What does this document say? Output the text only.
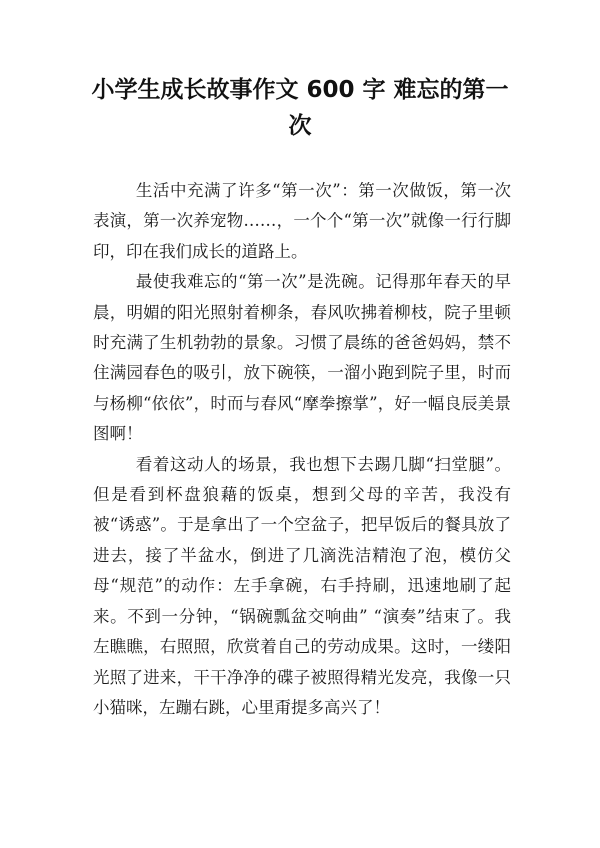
小学生成长故事作文 600 字 难忘的第一次

生活中充满了许多“第一次”：第一次做饭，第一次表演，第一次养宠物……，一个个“第一次”就像一行行脚印，印在我们成长的道路上。

最使我难忘的“第一次”是洗碗。记得那年春天的早晨，明媚的阳光照射着柳条，春风吹拂着柳枝，院子里顿时充满了生机勃勃的景象。习惯了晨练的爸爸妈妈，禁不住满园春色的吸引，放下碗筷，一溜小跑到院子里，时而与杨柳“依依”，时而与春风“摩拳擦掌”，好一幅良辰美景图啊！

看着这动人的场景，我也想下去踢几脚“扫堂腿”。但是看到杯盘狼藉的饭桌，想到父母的辛苦，我没有被“诱惑”。于是拿出了一个空盆子，把早饭后的餐具放了进去，接了半盆水，倒进了几滴洗洁精泡了泡，模仿父母“规范”的动作：左手拿碗，右手持刷，迅速地刷了起来。不到一分钟，“锅碗瓢盆交响曲” “演奏”结束了。我左瞧瞧，右照照，欣赏着自己的劳动成果。这时，一缕阳光照了进来，干干净净的碟子被照得精光发亮，我像一只小猫咪，左蹦右跳，心里甭提多高兴了！
